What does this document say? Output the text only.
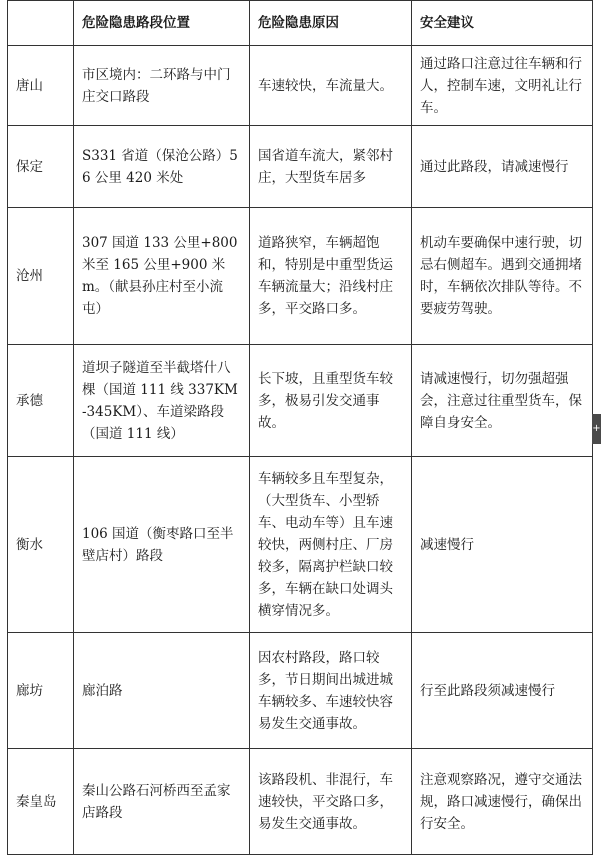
	危险隐患路段位置	危险隐患原因	安全建议
唐山	市区境内：二环路与中门庄交口路段	车速较快，车流量大。	通过路口注意过往车辆和行人，控制车速，文明礼让行车。
保定	S331 省道（保沧公路）56 公里 420 米处	国省道车流大，紧邻村庄，大型货车居多	通过此路段，请减速慢行
沧州	307 国道 133 公里+800 米至 165 公里+900 米 m。（献县孙庄村至小流屯）	道路狭窄，车辆超饱和，特别是中重型货运车辆流量大；沿线村庄多，平交路口多。	机动车要确保中速行驶，切忌右侧超车。遇到交通拥堵时，车辆依次排队等待。不要疲劳驾驶。
承德	道坝子隧道至半截塔什八棵（国道 111 线 337KM-345KM）、车道梁路段（国道 111 线）	长下坡，且重型货车较多，极易引发交通事故。	请减速慢行，切勿强超强会，注意过往重型货车，保障自身安全。
衡水	106 国道（衡枣路口至半壁店村）路段	车辆较多且车型复杂，（大型货车、小型轿车、电动车等）且车速较快，两侧村庄、厂房较多，隔离护栏缺口较多，车辆在缺口处调头横穿情况多。	减速慢行
廊坊	廊泊路	因农村路段，路口较多，节日期间出城进城车辆较多、车速较快容易发生交通事故。	行至此路段须减速慢行
秦皇岛	秦山公路石河桥西至孟家店路段	该路段机、非混行，车速较快，平交路口多，易发生交通事故。	注意观察路况，遵守交通法规，路口减速慢行，确保出行安全。
+
